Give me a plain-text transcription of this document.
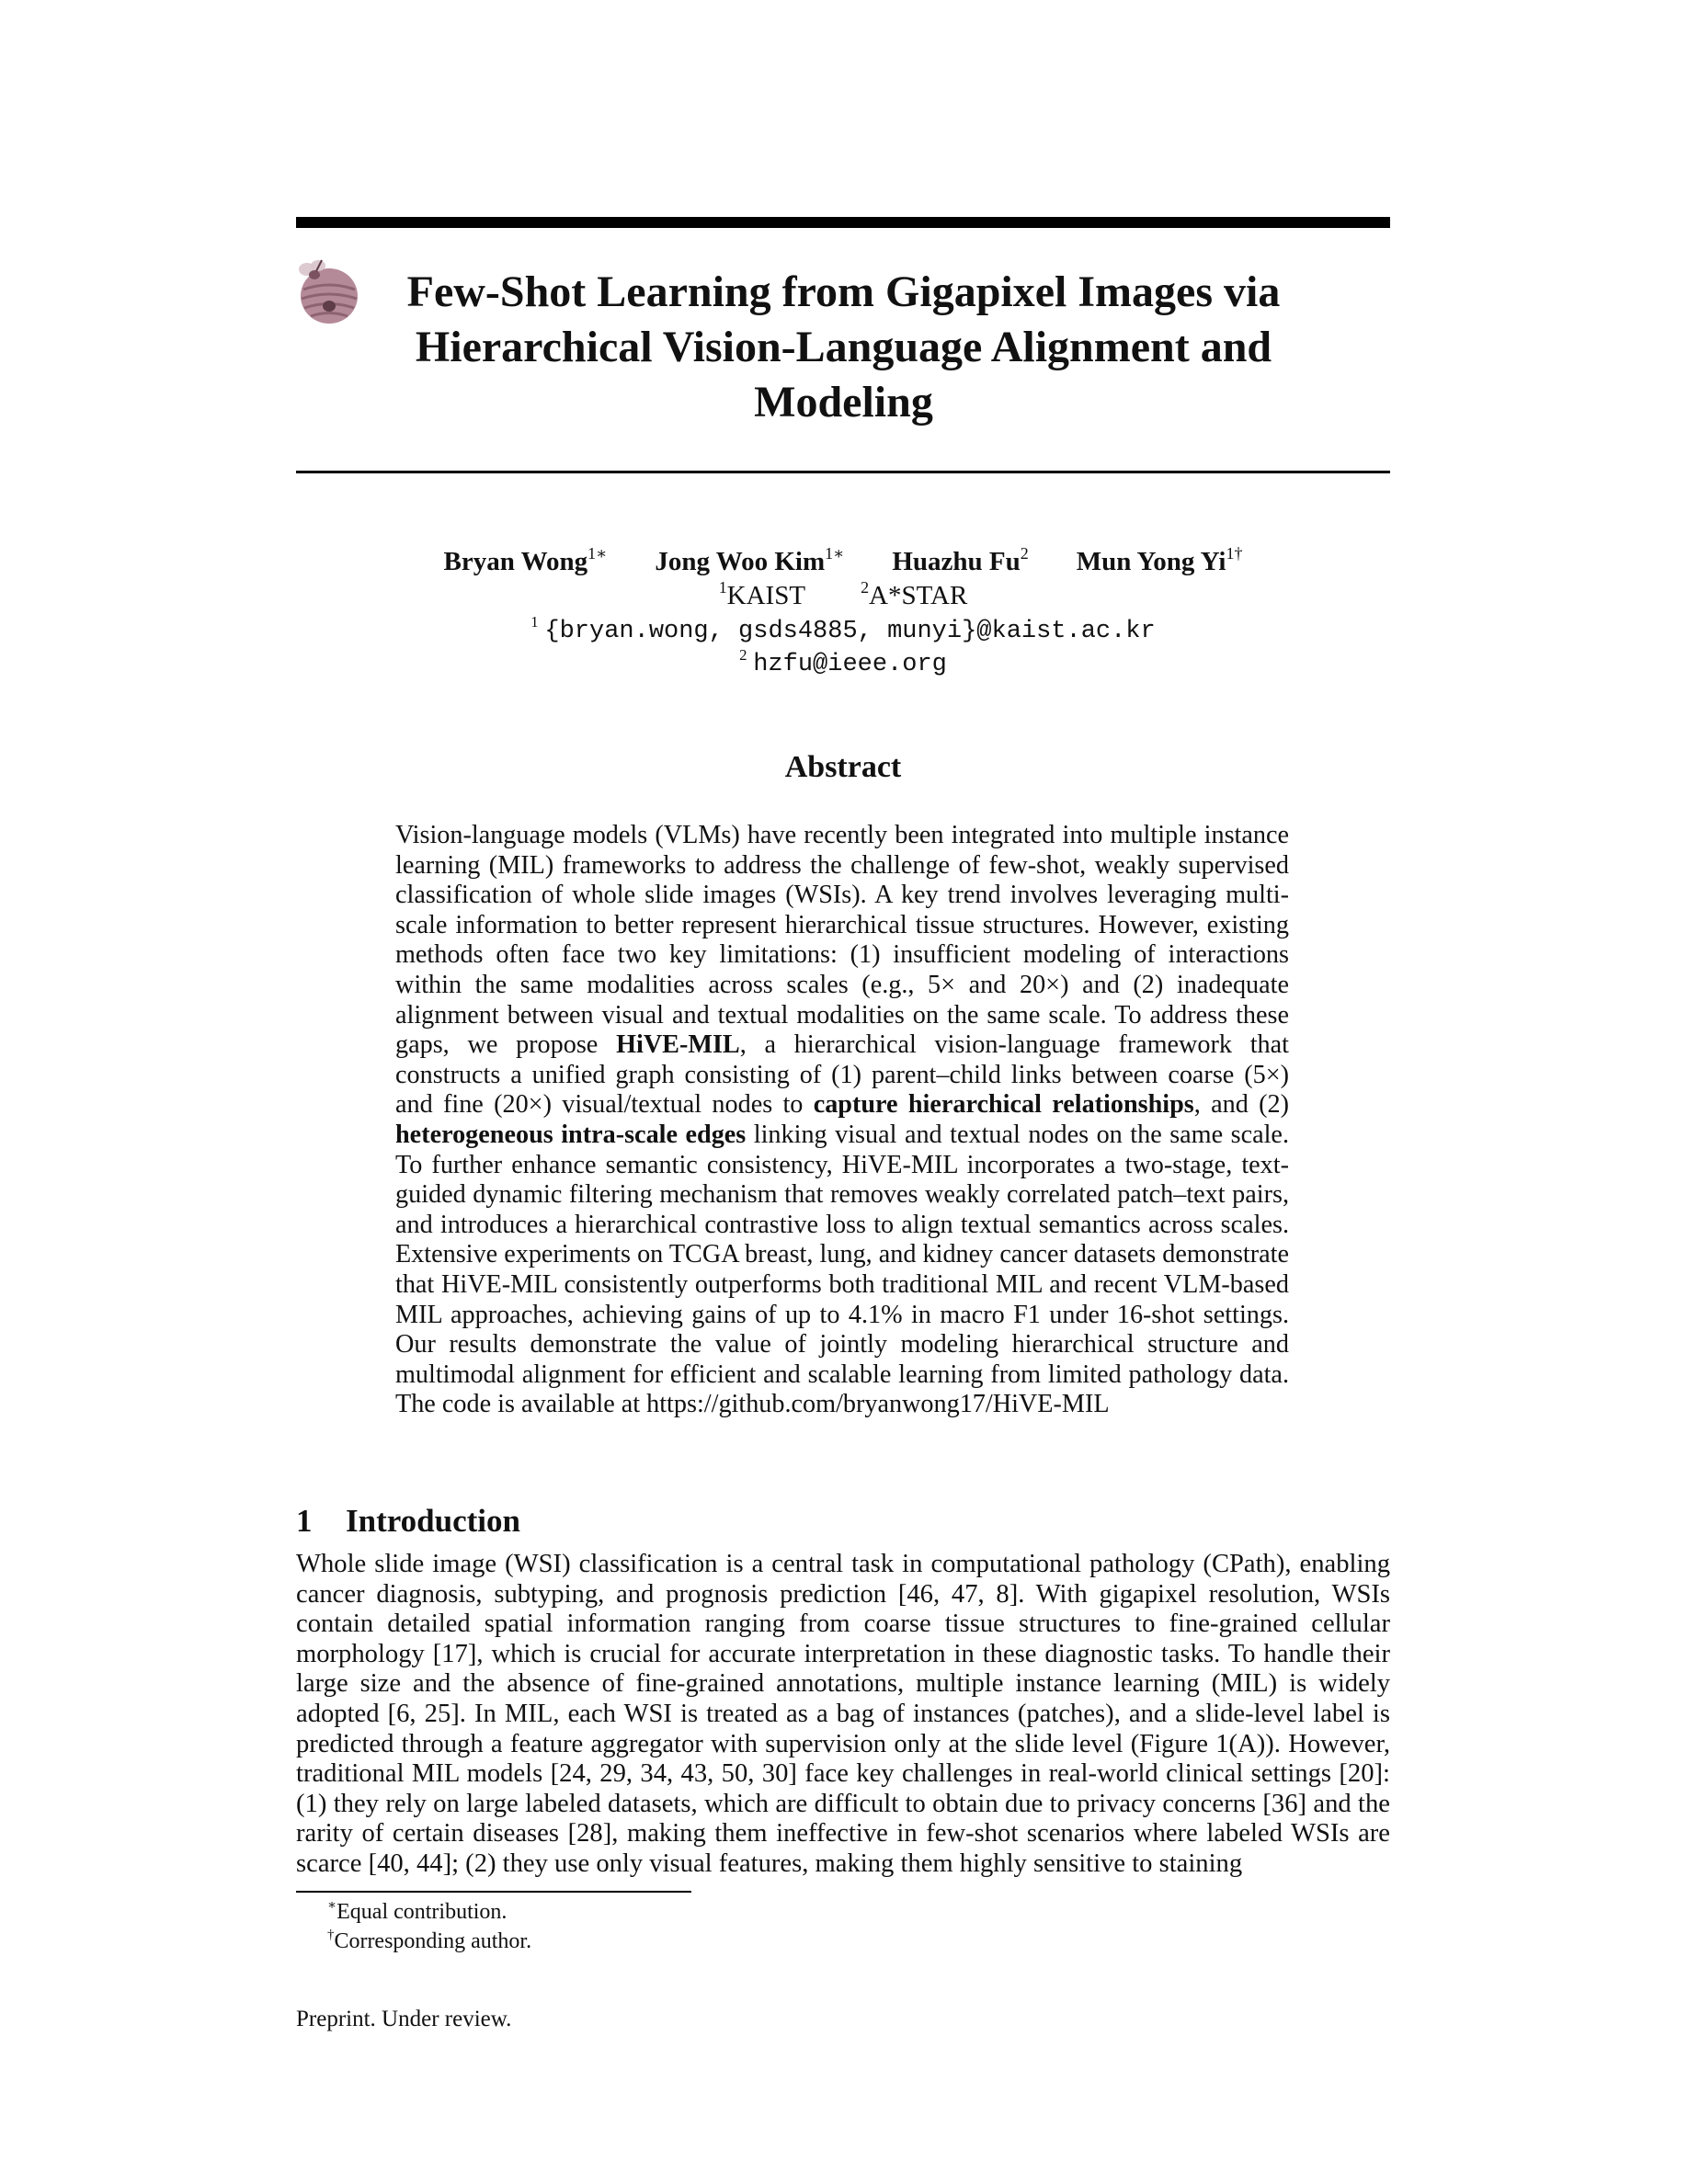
Few-Shot Learning from Gigapixel Images via
Hierarchical Vision-Language Alignment and
Modeling
Bryan Wong$^{1∗}$ Jong Woo Kim$^{1∗}$ Huazhu Fu$^2$ Mun Yong $Yi^{1\dagger}$
$^1$KAIST	$^2$A*STAR
$^1$ {bryan.wong, gsds4885, munyi}@kaist.ac.kr
$^2$ hzfu@ieee.org
Abstract
Vision-language models (VLMs) have recently been integrated into multiple instance learning (MIL) frameworks to address the challenge of few-shot, weakly supervised classification of whole slide images (WSIs). A key trend involves leveraging multi-scale information to better represent hierarchical tissue structures. However, existing methods often face two key limitations: (1) insufficient modeling of interactions within the same modalities across scales (e.g., 5× and 20×) and (2) inadequate alignment between visual and textual modalities on the same scale. To address these gaps, we propose HiVE-MIL, a hierarchical vision-language framework that constructs a unified graph consisting of (1) parent–child links between coarse (5×) and fine (20×) visual/textual nodes to capture hierarchical relationships, and (2) heterogeneous intra-scale edges linking visual and textual nodes on the same scale. To further enhance semantic consistency, HiVE-MIL incorporates a two-stage, text-guided dynamic filtering mechanism that removes weakly correlated patch–text pairs, and introduces a hierarchical contrastive loss to align textual semantics across scales. Extensive experiments on TCGA breast, lung, and kidney cancer datasets demonstrate that HiVE-MIL consistently outperforms both traditional MIL and recent VLM-based MIL approaches, achieving gains of up to 4.1% in macro F1 under 16-shot settings. Our results demonstrate the value of jointly modeling hierarchical structure and multimodal alignment for efficient and scalable learning from limited pathology data. The code is available at https://github.com/bryanwong17/HiVE-MIL
1 Introduction
Whole slide image (WSI) classification is a central task in computational pathology (CPath), enabling cancer diagnosis, subtyping, and prognosis prediction [46, 47, 8]. With gigapixel resolution, WSIs contain detailed spatial information ranging from coarse tissue structures to fine-grained cellular morphology [17], which is crucial for accurate interpretation in these diagnostic tasks. To handle their large size and the absence of fine-grained annotations, multiple instance learning (MIL) is widely adopted [6, 25]. In MIL, each WSI is treated as a bag of instances (patches), and a slide-level label is predicted through a feature aggregator with supervision only at the slide level (Figure 1(A)). However, traditional MIL models [24, 29, 34, 43, 50, 30] face key challenges in real-world clinical settings [20]: (1) they rely on large labeled datasets, which are difficult to obtain due to privacy concerns [36] and the rarity of certain diseases [28], making them ineffective in few-shot scenarios where labeled WSIs are scarce [40, 44]; (2) they use only visual features, making them highly sensitive to staining
∗Equal contribution.
†Corresponding author.
Preprint. Under review.
